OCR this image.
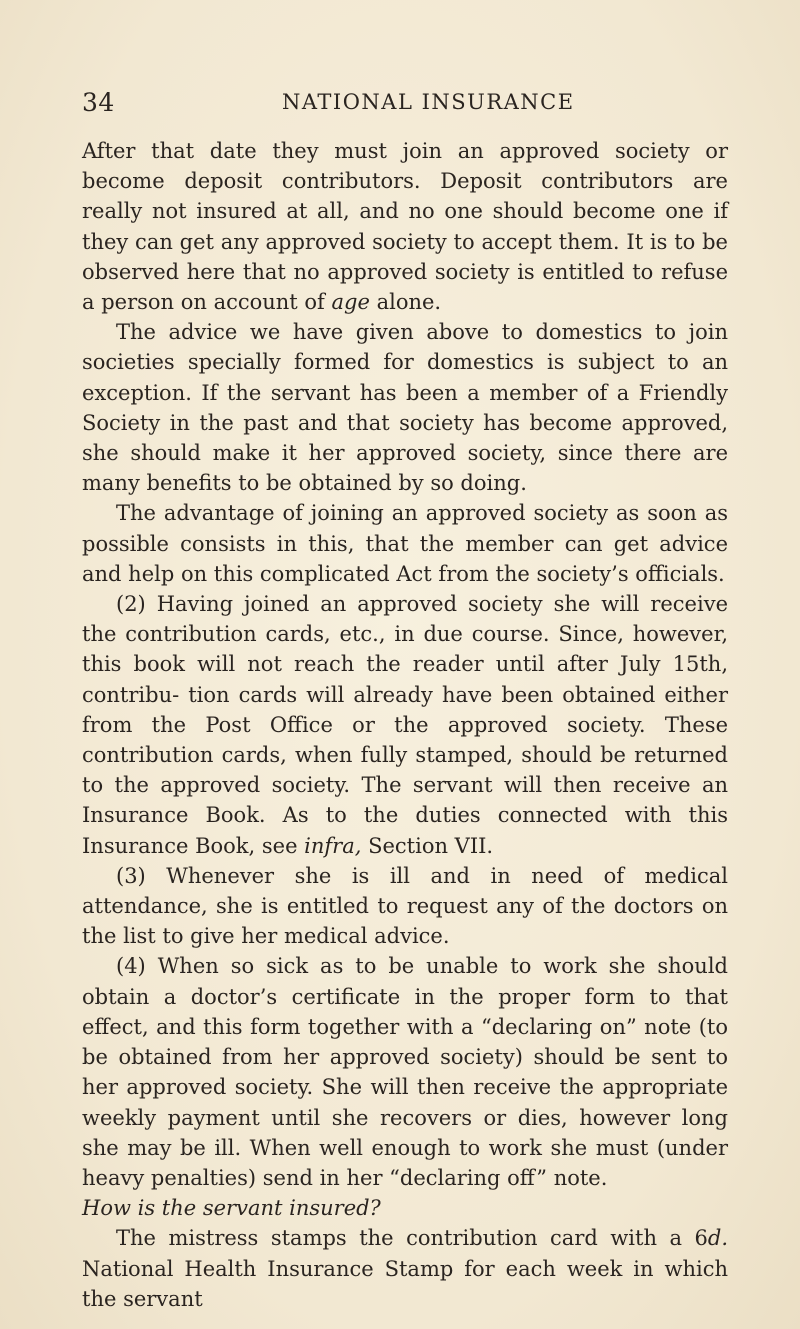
34	NATIONAL INSURANCE

After that date they must join an approved society or become deposit contributors. Deposit contributors are really not insured at all, and no one should become one if they can get any approved society to accept them. It is to be observed here that no approved society is entitled to refuse a person on account of age alone.

The advice we have given above to domestics to join societies specially formed for domestics is subject to an exception. If the servant has been a member of a Friendly Society in the past and that society has become approved, she should make it her approved society, since there are many benefits to be obtained by so doing.

The advantage of joining an approved society as soon as possible consists in this, that the member can get advice and help on this complicated Act from the society’s officials.

(2) Having joined an approved society she will receive the contribution cards, etc., in due course. Since, however, this book will not reach the reader until after July 15th, contribu- tion cards will already have been obtained either from the Post Office or the approved society. These contribution cards, when fully stamped, should be returned to the approved society. The servant will then receive an Insurance Book. As to the duties connected with this Insurance Book, see infra, Section VII.

(3) Whenever she is ill and in need of medical attendance, she is entitled to request any of the doctors on the list to give her medical advice.

(4) When so sick as to be unable to work she should obtain a doctor’s certificate in the proper form to that effect, and this form together with a “declaring on” note (to be obtained from her approved society) should be sent to her approved society. She will then receive the appropriate weekly payment until she recovers or dies, however long she may be ill. When well enough to work she must (under heavy penalties) send in her “declaring off” note.

How is the servant insured?

The mistress stamps the contribution card with a 6d. National Health Insurance Stamp for each week in which the servant
